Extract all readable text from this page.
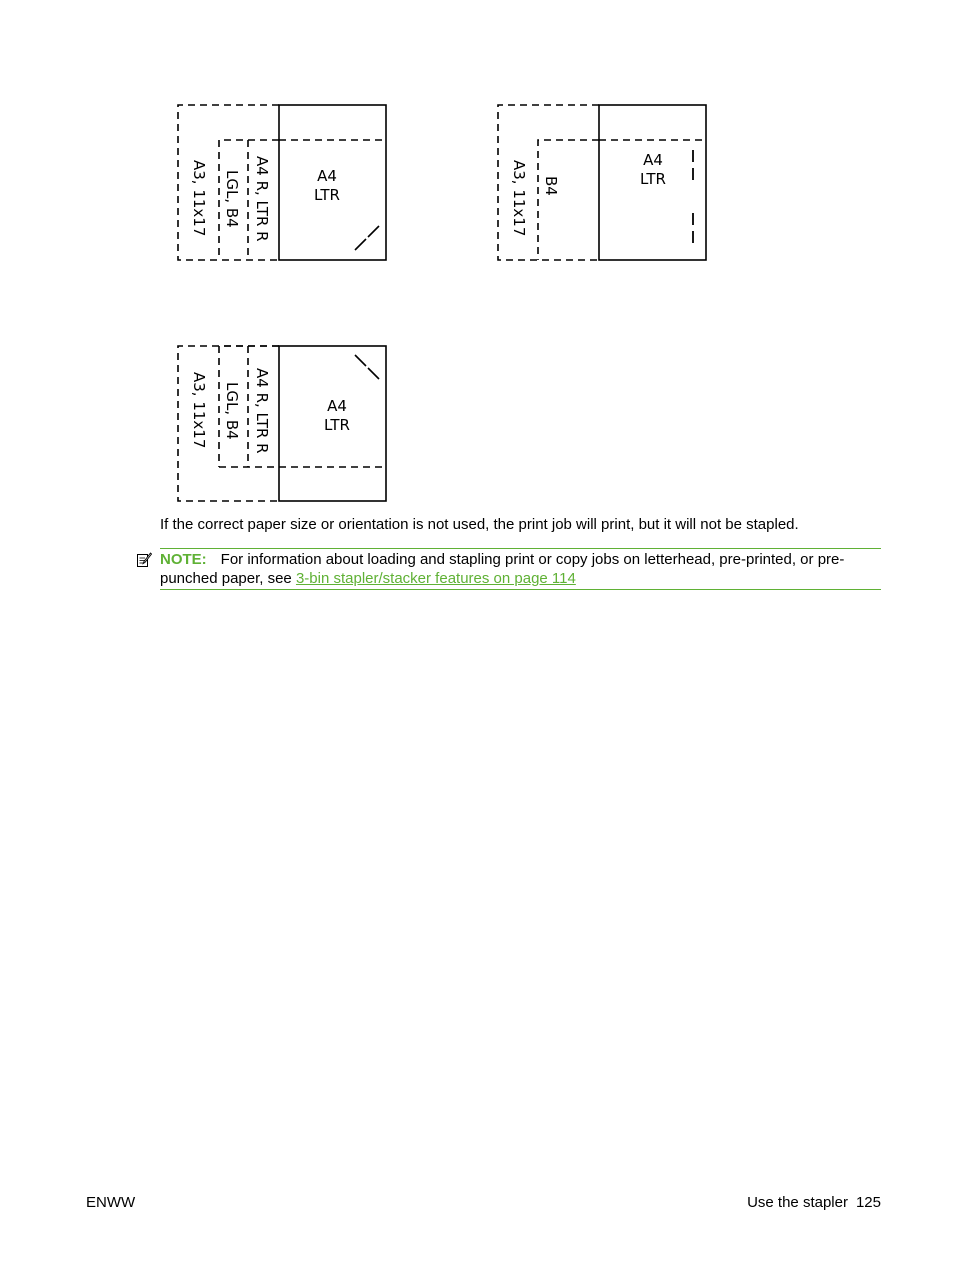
A4
LTR
A3, 11x17 LGL, B4 A4 R, LTR R	A4
LTR
A3, 11x17 B4
A4
LTR
A3, 11x17 LGL, B4 A4 R, LTR R

If the correct paper size or orientation is not used, the print job will print, but it will not be stapled.

NOTE: For information about loading and stapling print or copy jobs on letterhead, pre-printed, or pre-punched paper, see 3-bin stapler/stacker features on page 114
ENWW	Use the stapler 125
